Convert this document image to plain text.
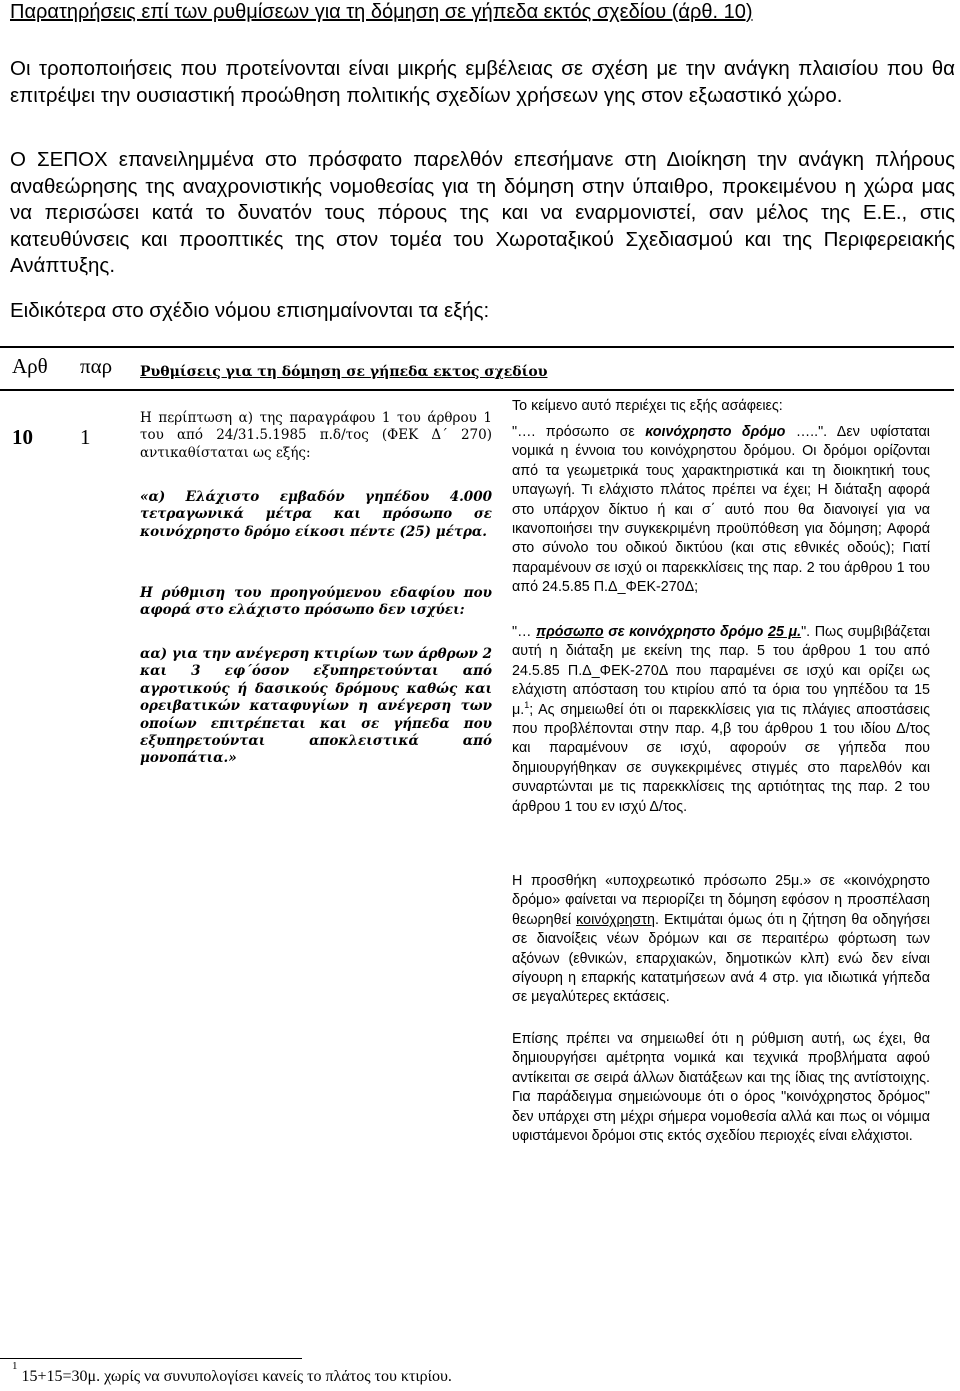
Παρατηρήσεις επί των ρυθμίσεων για τη δόμηση σε γήπεδα εκτός σχεδίου (άρθ. 10)
Οι τροποποιήσεις που προτείνονται είναι μικρής εμβέλειας σε σχέση με την ανάγκη πλαισίου που θα επιτρέψει την ουσιαστική προώθηση πολιτικής σχεδίων χρήσεων γης στον εξωαστικό χώρο.
Ο ΣΕΠΟΧ επανειλημμένα στο πρόσφατο παρελθόν επεσήμανε στη Διοίκηση την ανάγκη πλήρους αναθεώρησης της αναχρονιστικής νομοθεσίας για τη δόμηση στην ύπαιθρο, προκειμένου η χώρα μας να περισώσει κατά το δυνατόν τους πόρους της και να εναρμονιστεί, σαν μέλος της Ε.Ε., στις κατευθύνσεις και προοπτικές της στον τομέα του Χωροταξικού Σχεδιασμού και της Περιφερειακής Ανάπτυξης.
Ειδικότερα στο σχέδιο νόμου επισημαίνονται τα εξής:
Αρθ παρ Ρυθμίσεις για τη δόμηση σε γήπεδα εκτος σχεδίου
10 1
Η περίπτωση α) της παραγράφου 1 του άρθρου 1 του από 24/31.5.1985 π.δ/τος (ΦΕΚ Δ΄ 270) αντικαθίσταται ως εξής:
«α) Ελάχιστο εμβαδόν γηπέδου 4.000 τετραγωνικά μέτρα και πρόσωπο σε κοινόχρηστο δρόμο είκοσι πέντε (25) μέτρα.
Η ρύθμιση του προηγούμενου εδαφίου που αφορά στο ελάχιστο πρόσωπο δεν ισχύει:
αα) για την ανέγερση κτιρίων των άρθρων 2 και 3 εφ΄όσον εξυπηρετούνται από αγροτικούς ή δασικούς δρόμους καθώς και ορειβατικών καταφυγίων η ανέγερση των οποίων επιτρέπεται και σε γήπεδα που εξυπηρετούνται αποκλειστικά από μονοπάτια.»
Το κείμενο αυτό περιέχει τις εξής ασάφειες:
"…. πρόσωπο σε κοινόχρηστο δρόμο …..". Δεν υφίσταται νομικά η έννοια του κοινόχρηστου δρόμου. Οι δρόμοι ορίζονται από τα γεωμετρικά τους χαρακτηριστικά και τη διοικητική τους υπαγωγή. Τι ελάχιστο πλάτος πρέπει να έχει; Η διάταξη αφορά στο υπάρχον δίκτυο ή και σ΄ αυτό που θα διανοιγεί για να ικανοποιήσει την συγκεκριμένη προϋπόθεση για δόμηση; Αφορά στο σύνολο του οδικού δικτύου (και στις εθνικές οδούς); Γιατί παραμένουν σε ισχύ οι παρεκκλίσεις της παρ. 2 του άρθρου 1 του από 24.5.85 Π.Δ_ΦΕΚ-270Δ;
"… πρόσωπο σε κοινόχρηστο δρόμο 25 μ.". Πως συμβιβάζεται αυτή η διάταξη με εκείνη της παρ. 5 του άρθρου 1 του από 24.5.85 Π.Δ_ΦΕΚ-270Δ που παραμένει σε ισχύ και ορίζει ως ελάχιστη απόσταση του κτιρίου από τα όρια του γηπέδου τα 15 μ.$^1$; Ας σημειωθεί ότι οι παρεκκλίσεις για τις πλάγιες αποστάσεις που προβλέπονται στην παρ. 4,β του άρθρου 1 του ιδίου Δ/τος και παραμένουν σε ισχύ, αφορούν σε γήπεδα που δημιουργήθηκαν σε συγκεκριμένες στιγμές στο παρελθόν και συναρτώνται με τις παρεκκλίσεις της αρτιότητας της παρ. 2 του άρθρου 1 του εν ισχύ Δ/τος.
Η προσθήκη «υποχρεωτικό πρόσωπο 25μ.» σε «κοινόχρηστο δρόμο» φαίνεται να περιορίζει τη δόμηση εφόσον η προσπέλαση θεωρηθεί κοινόχρηστη. Εκτιμάται όμως ότι η ζήτηση θα οδηγήσει σε διανοίξεις νέων δρόμων και σε περαιτέρω φόρτωση των αξόνων (εθνικών, επαρχιακών, δημοτικών κλπ) ενώ δεν είναι σίγουρη η επαρκής κατατμήσεων ανά 4 στρ. για ιδιωτικά γήπεδα σε μεγαλύτερες εκτάσεις.
Επίσης πρέπει να σημειωθεί ότι η ρύθμιση αυτή, ως έχει, θα δημιουργήσει αμέτρητα νομικά και τεχνικά προβλήματα αφού αντίκειται σε σειρά άλλων διατάξεων και της ίδιας της αντίστοιχης. Για παράδειγμα σημειώνουμε ότι ο όρος "κοινόχρηστος δρόμος" δεν υπάρχει στη μέχρι σήμερα νομοθεσία αλλά και πως οι νόμιμα υφιστάμενοι δρόμοι στις εκτός σχεδίου περιοχές είναι ελάχιστοι.
$^1$ 15+15=30μ. χωρίς να συνυπολογίσει κανείς το πλάτος του κτιρίου.
